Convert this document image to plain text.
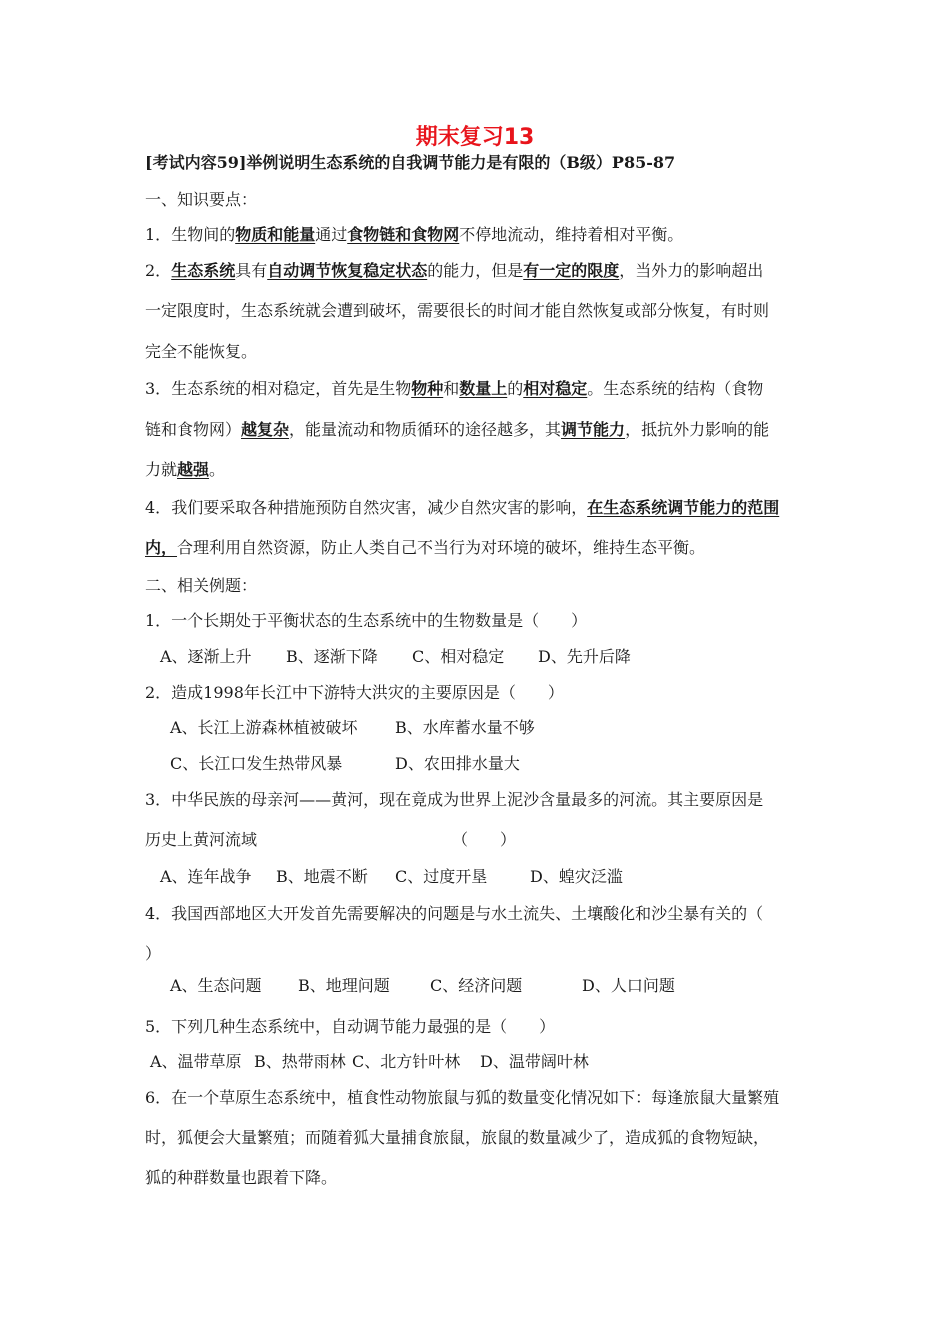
期末复习13
[考试内容59]举例说明生态系统的自我调节能力是有限的（B级）P85-87
一、知识要点：
1．生物间的物质和能量通过食物链和食物网不停地流动，维持着相对平衡。
2．生态系统具有自动调节恢复稳定状态的能力，但是有一定的限度，当外力的影响超出
一定限度时，生态系统就会遭到破坏，需要很长的时间才能自然恢复或部分恢复，有时则
完全不能恢复。
3．生态系统的相对稳定，首先是生物物种和数量上的相对稳定。生态系统的结构（食物
链和食物网）越复杂，能量流动和物质循环的途径越多，其调节能力，抵抗外力影响的能
力就越强。
4．我们要采取各种措施预防自然灾害，减少自然灾害的影响，在生态系统调节能力的范围
内，合理利用自然资源，防止人类自己不当行为对环境的破坏，维持生态平衡。
二、相关例题：
1．一个长期处于平衡状态的生态系统中的生物数量是（　　）
A、逐渐上升 B、逐渐下降 C、相对稳定 D、先升后降
2．造成1998年长江中下游特大洪灾的主要原因是（　　）
A、长江上游森林植被破坏 B、水库蓄水量不够
C、长江口发生热带风暴	D、农田排水量大
3．中华民族的母亲河——黄河，现在竟成为世界上泥沙含量最多的河流。其主要原因是
历史上黄河流域	（　　）
A、连年战争 B、地震不断 C、过度开垦	D、蝗灾泛滥
4．我国西部地区大开发首先需要解决的问题是与水土流失、土壤酸化和沙尘暴有关的（
）
A、生态问题 B、地理问题	C、经济问题	D、人口问题
5．下列几种生态系统中，自动调节能力最强的是（　　）
A、温带草原 B、热带雨林 C、北方针叶林 D、温带阔叶林
6．在一个草原生态系统中，植食性动物旅鼠与狐的数量变化情况如下：每逢旅鼠大量繁殖
时，狐便会大量繁殖；而随着狐大量捕食旅鼠，旅鼠的数量减少了，造成狐的食物短缺，
狐的种群数量也跟着下降。
